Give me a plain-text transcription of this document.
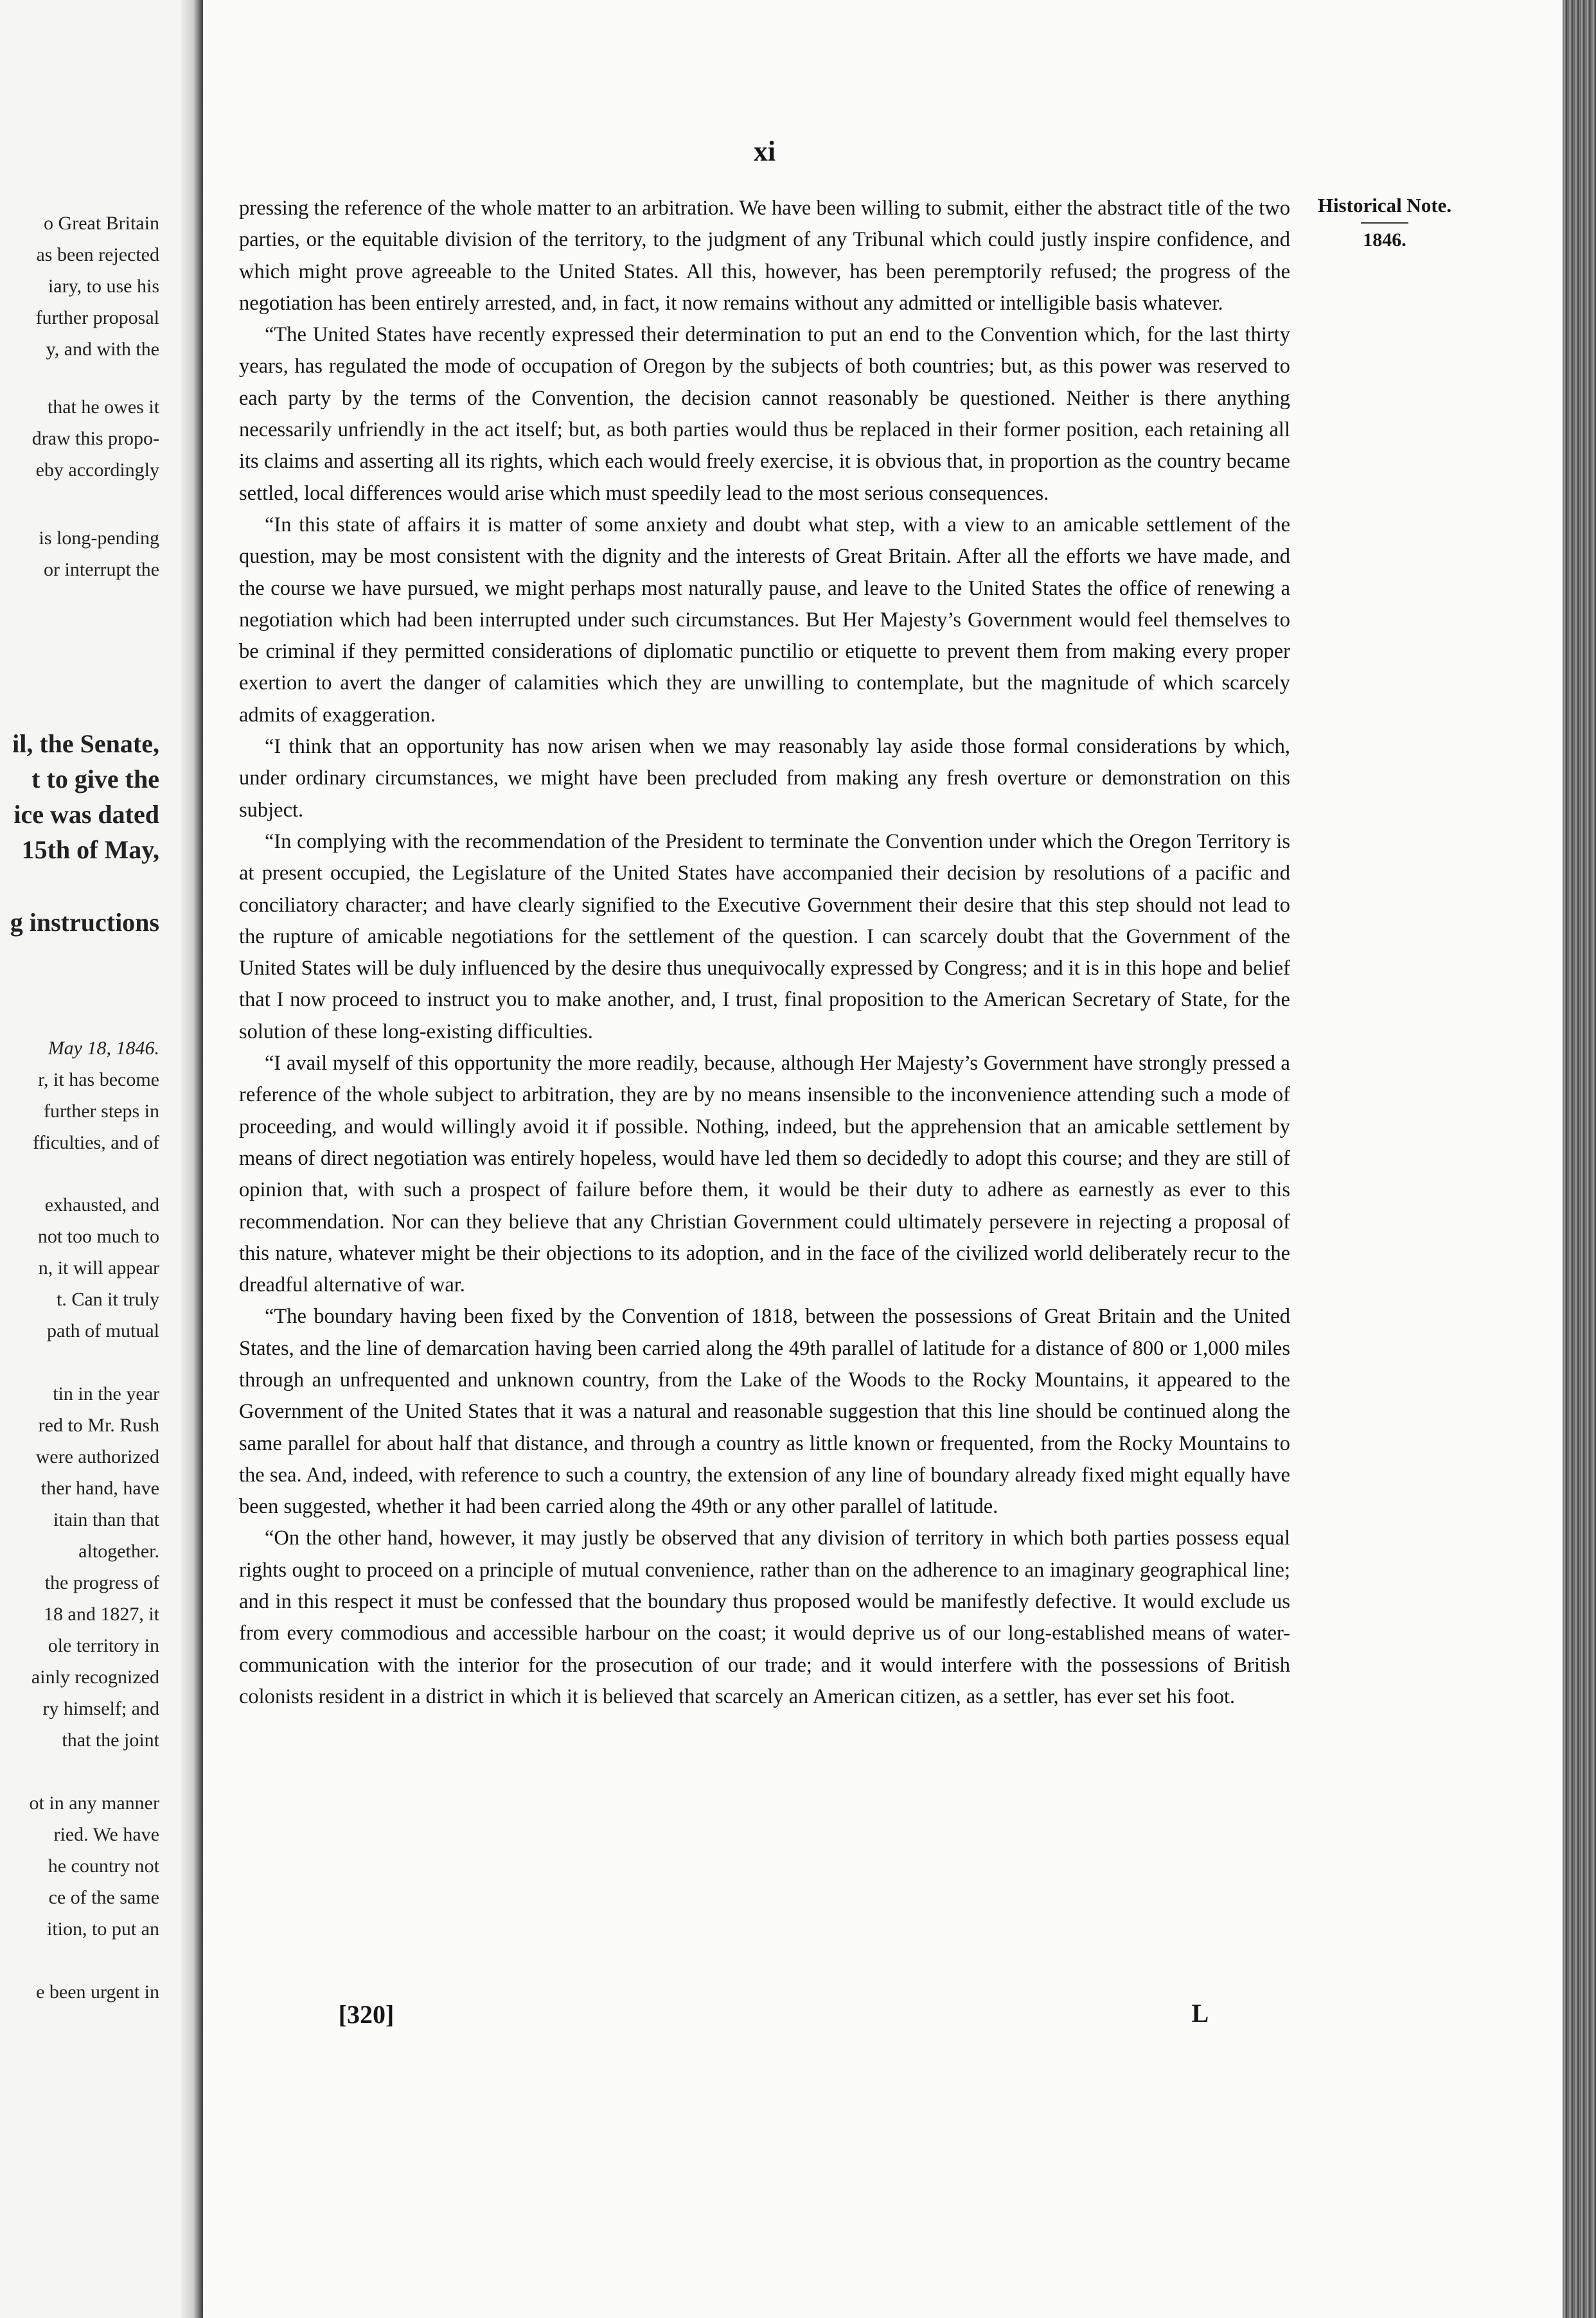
o Great Britain
as been rejected
iary, to use his
further proposal
y, and with the
that he owes it
draw this propo-
eby accordingly
is long-pending
or interrupt the
il, the Senate,
t to give the
ice was dated
15th of May,
g instructions
May 18, 1846.
r, it has become
further steps in
fficulties, and of
exhausted, and
not too much to
n, it will appear
t. Can it truly
path of mutual
tin in the year
red to Mr. Rush
were authorized
ther hand, have
itain than that
altogether.
the progress of
18 and 1827, it
ole territory in
ainly recognized
ry himself; and
that the joint
ot in any manner
ried. We have
he country not
ce of the same
ition, to put an
e been urgent in
xi
Historical Note.
1846.

pressing the reference of the whole matter to an arbitration. We have been willing to submit, either the abstract title of the two parties, or the equitable division of the territory, to the judgment of any Tribunal which could justly inspire confidence, and which might prove agreeable to the United States. All this, however, has been peremptorily refused; the progress of the negotiation has been entirely arrested, and, in fact, it now remains without any admitted or intelligible basis whatever.

“The United States have recently expressed their determination to put an end to the Convention which, for the last thirty years, has regulated the mode of occupation of Oregon by the subjects of both countries; but, as this power was reserved to each party by the terms of the Convention, the decision cannot reasonably be questioned. Neither is there anything necessarily unfriendly in the act itself; but, as both parties would thus be replaced in their former position, each retaining all its claims and asserting all its rights, which each would freely exercise, it is obvious that, in proportion as the country became settled, local differences would arise which must speedily lead to the most serious consequences.

“In this state of affairs it is matter of some anxiety and doubt what step, with a view to an amicable settlement of the question, may be most consistent with the dignity and the interests of Great Britain. After all the efforts we have made, and the course we have pursued, we might perhaps most naturally pause, and leave to the United States the office of renewing a negotiation which had been interrupted under such circumstances. But Her Majesty’s Government would feel themselves to be criminal if they permitted considerations of diplomatic punctilio or etiquette to prevent them from making every proper exertion to avert the danger of calamities which they are unwilling to contemplate, but the magnitude of which scarcely admits of exaggeration.

“I think that an opportunity has now arisen when we may reasonably lay aside those formal considerations by which, under ordinary circumstances, we might have been precluded from making any fresh overture or demonstration on this subject.

“In complying with the recommendation of the President to terminate the Convention under which the Oregon Territory is at present occupied, the Legislature of the United States have accompanied their decision by resolutions of a pacific and conciliatory character; and have clearly signified to the Executive Government their desire that this step should not lead to the rupture of amicable negotiations for the settlement of the question. I can scarcely doubt that the Government of the United States will be duly influenced by the desire thus unequivocally expressed by Congress; and it is in this hope and belief that I now proceed to instruct you to make another, and, I trust, final proposition to the American Secretary of State, for the solution of these long-existing difficulties.

“I avail myself of this opportunity the more readily, because, although Her Majesty’s Government have strongly pressed a reference of the whole subject to arbitration, they are by no means insensible to the inconvenience attending such a mode of proceeding, and would willingly avoid it if possible. Nothing, indeed, but the apprehension that an amicable settlement by means of direct negotiation was entirely hopeless, would have led them so decidedly to adopt this course; and they are still of opinion that, with such a prospect of failure before them, it would be their duty to adhere as earnestly as ever to this recommendation. Nor can they believe that any Christian Government could ultimately persevere in rejecting a proposal of this nature, whatever might be their objections to its adoption, and in the face of the civilized world deliberately recur to the dreadful alternative of war.

“The boundary having been fixed by the Convention of 1818, between the possessions of Great Britain and the United States, and the line of demarcation having been carried along the 49th parallel of latitude for a distance of 800 or 1,000 miles through an unfrequented and unknown country, from the Lake of the Woods to the Rocky Mountains, it appeared to the Government of the United States that it was a natural and reasonable suggestion that this line should be continued along the same parallel for about half that distance, and through a country as little known or frequented, from the Rocky Mountains to the sea. And, indeed, with reference to such a country, the extension of any line of boundary already fixed might equally have been suggested, whether it had been carried along the 49th or any other parallel of latitude.

“On the other hand, however, it may justly be observed that any division of territory in which both parties possess equal rights ought to proceed on a principle of mutual convenience, rather than on the adherence to an imaginary geographical line; and in this respect it must be confessed that the boundary thus proposed would be manifestly defective. It would exclude us from every commodious and accessible harbour on the coast; it would deprive us of our long-established means of water-communication with the interior for the prosecution of our trade; and it would interfere with the possessions of British colonists resident in a district in which it is believed that scarcely an American citizen, as a settler, has ever set his foot.

[320]	L
